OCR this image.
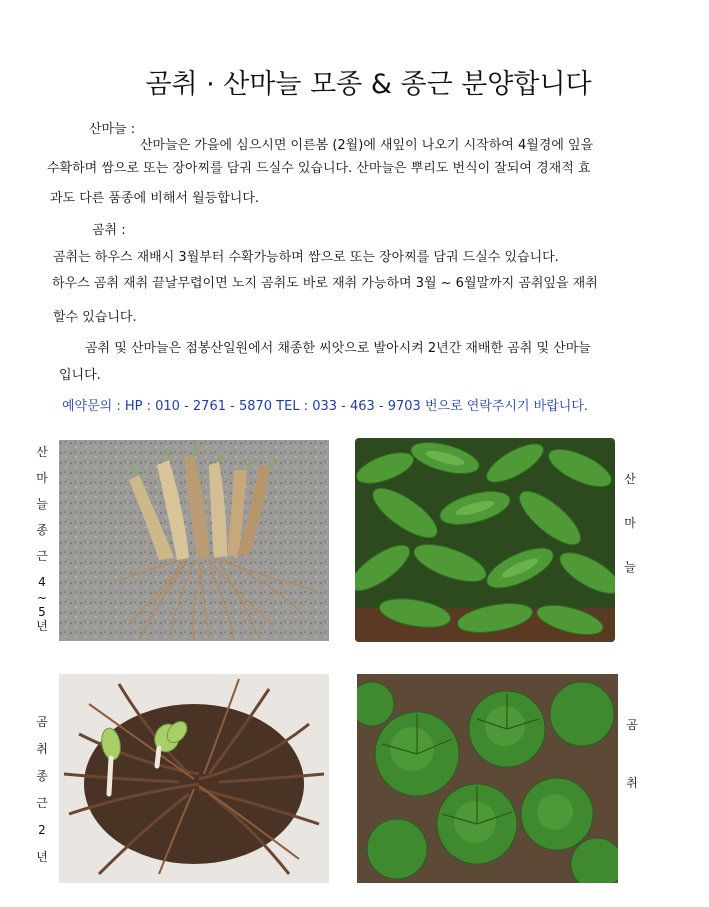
곰취 · 산마늘 모종 & 종근 분양합니다
산마늘 :
산마늘은 가을에 심으시면 이른봄 (2월)에 새잎이 나오기 시작하여 4월경에 잎을
수확하며 쌈으로 또는 장아찌를 담궈 드실수 있습니다. 산마늘은 뿌리도 번식이 잘되여 경재적 효
과도 다른 품종에 비해서 월등합니다.
곰취 :
곰취는 하우스 재배시 3월부터 수확가능하며 쌈으로 또는 장아찌를 담궈 드실수 있습니다.
하우스 곰취 재취 끝날무렵이면 노지 곰취도 바로 재취 가능하며 3월 ~ 6월말까지 곰취잎을 재취
할수 있습니다.
곰취 및 산마늘은 점봉산일원에서 채종한 씨앗으로 발아시켜 2년간 재배한 곰취 및 산마늘
입니다.
예약문의 : HP : 010 - 2761 - 5870 TEL : 033 - 463 - 9703 번으로 연락주시기 바랍니다.
산
마
늘
종
근
4
~
5
년
산
마
늘
곰
취
종
근
2
년
곰
취
